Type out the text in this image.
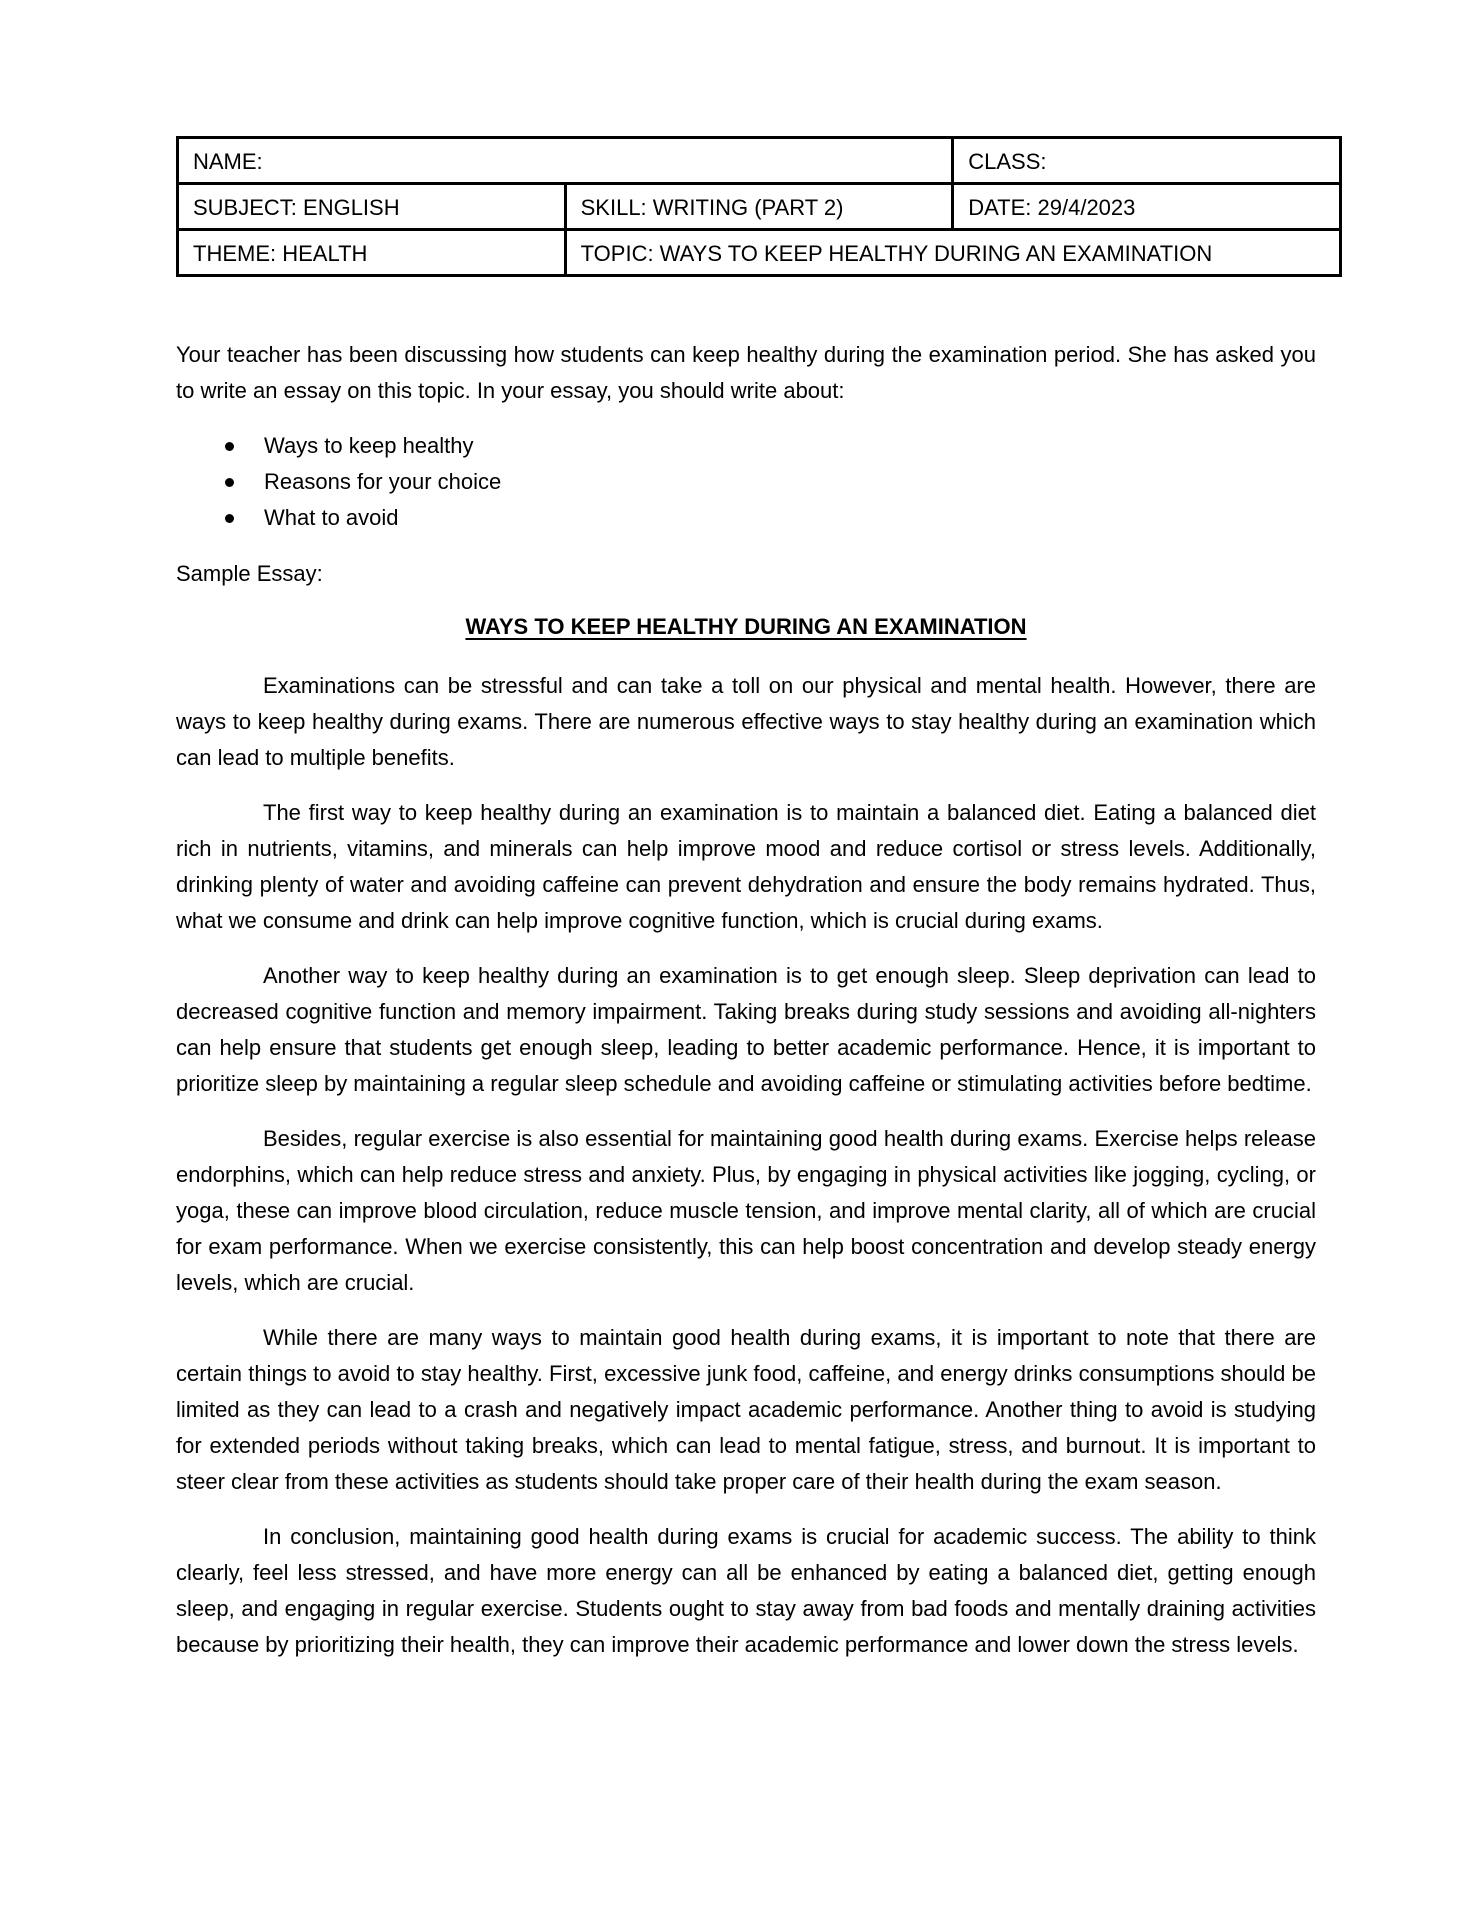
NAME:		CLASS:
SUBJECT: ENGLISH	SKILL: WRITING (PART 2)	DATE: 29/4/2023
THEME: HEALTH	TOPIC: WAYS TO KEEP HEALTHY DURING AN EXAMINATION	

Your teacher has been discussing how students can keep healthy during the examination period. She has asked you to write an essay on this topic. In your essay, you should write about:

Ways to keep healthy
Reasons for your choice
What to avoid
Sample Essay:
WAYS TO KEEP HEALTHY DURING AN EXAMINATION

Examinations can be stressful and can take a toll on our physical and mental health. However, there are ways to keep healthy during exams. There are numerous effective ways to stay healthy during an examination which can lead to multiple benefits.

The first way to keep healthy during an examination is to maintain a balanced diet. Eating a balanced diet rich in nutrients, vitamins, and minerals can help improve mood and reduce cortisol or stress levels. Additionally, drinking plenty of water and avoiding caffeine can prevent dehydration and ensure the body remains hydrated. Thus, what we consume and drink can help improve cognitive function, which is crucial during exams.

Another way to keep healthy during an examination is to get enough sleep. Sleep deprivation can lead to decreased cognitive function and memory impairment. Taking breaks during study sessions and avoiding all-nighters can help ensure that students get enough sleep, leading to better academic performance. Hence, it is important to prioritize sleep by maintaining a regular sleep schedule and avoiding caffeine or stimulating activities before bedtime.

Besides, regular exercise is also essential for maintaining good health during exams. Exercise helps release endorphins, which can help reduce stress and anxiety. Plus, by engaging in physical activities like jogging, cycling, or yoga, these can improve blood circulation, reduce muscle tension, and improve mental clarity, all of which are crucial for exam performance. When we exercise consistently, this can help boost concentration and develop steady energy levels, which are crucial.

While there are many ways to maintain good health during exams, it is important to note that there are certain things to avoid to stay healthy. First, excessive junk food, caffeine, and energy drinks consumptions should be limited as they can lead to a crash and negatively impact academic performance. Another thing to avoid is studying for extended periods without taking breaks, which can lead to mental fatigue, stress, and burnout. It is important to steer clear from these activities as students should take proper care of their health during the exam season.

In conclusion, maintaining good health during exams is crucial for academic success. The ability to think clearly, feel less stressed, and have more energy can all be enhanced by eating a balanced diet, getting enough sleep, and engaging in regular exercise. Students ought to stay away from bad foods and mentally draining activities because by prioritizing their health, they can improve their academic performance and lower down the stress levels.
